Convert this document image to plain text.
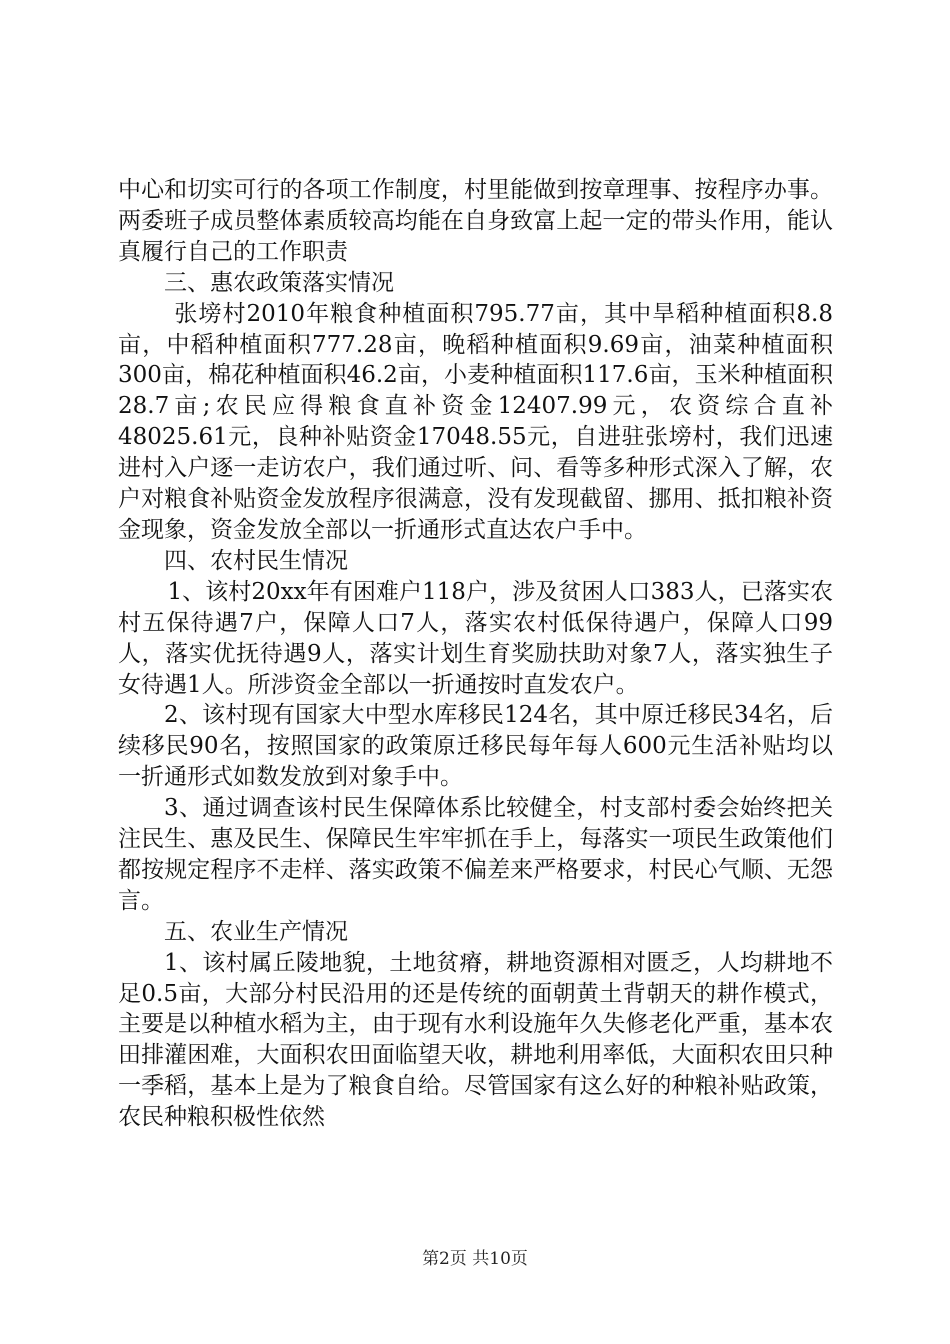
中心和切实可行的各项工作制度，村里能做到按章理事、按程序办事。两委班子成员整体素质较高均能在自身致富上起一定的带头作用，能认真履行自己的工作职责

三、惠农政策落实情况

张塝村2010年粮食种植面积795.77亩，其中旱稻种植面积8.8亩，中稻种植面积777.28亩，晚稻种植面积9.69亩，油菜种植面积300亩，棉花种植面积46.2亩，小麦种植面积117.6亩，玉米种植面积28.7亩;农民应得粮食直补资金12407.99元，农资综合直补48025.61元，良种补贴资金17048.55元，自进驻张塝村，我们迅速进村入户逐一走访农户，我们通过听、问、看等多种形式深入了解，农户对粮食补贴资金发放程序很满意，没有发现截留、挪用、抵扣粮补资金现象，资金发放全部以一折通形式直达农户手中。

四、农村民生情况

1、该村20xx年有困难户118户，涉及贫困人口383人，已落实农村五保待遇7户，保障人口7人，落实农村低保待遇户，保障人口99人，落实优抚待遇9人，落实计划生育奖励扶助对象7人，落实独生子女待遇1人。所涉资金全部以一折通按时直发农户。

2、该村现有国家大中型水库移民124名，其中原迁移民34名，后续移民90名，按照国家的政策原迁移民每年每人600元生活补贴均以一折通形式如数发放到对象手中。

3、通过调查该村民生保障体系比较健全，村支部村委会始终把关注民生、惠及民生、保障民生牢牢抓在手上，每落实一项民生政策他们都按规定程序不走样、落实政策不偏差来严格要求，村民心气顺、无怨言。

五、农业生产情况

1、该村属丘陵地貌，土地贫瘠，耕地资源相对匮乏，人均耕地不足0.5亩，大部分村民沿用的还是传统的面朝黄土背朝天的耕作模式，主要是以种植水稻为主，由于现有水利设施年久失修老化严重，基本农田排灌困难，大面积农田面临望天收，耕地利用率低，大面积农田只种一季稻，基本上是为了粮食自给。尽管国家有这么好的种粮补贴政策，农民种粮积极性依然

第2页 共10页
